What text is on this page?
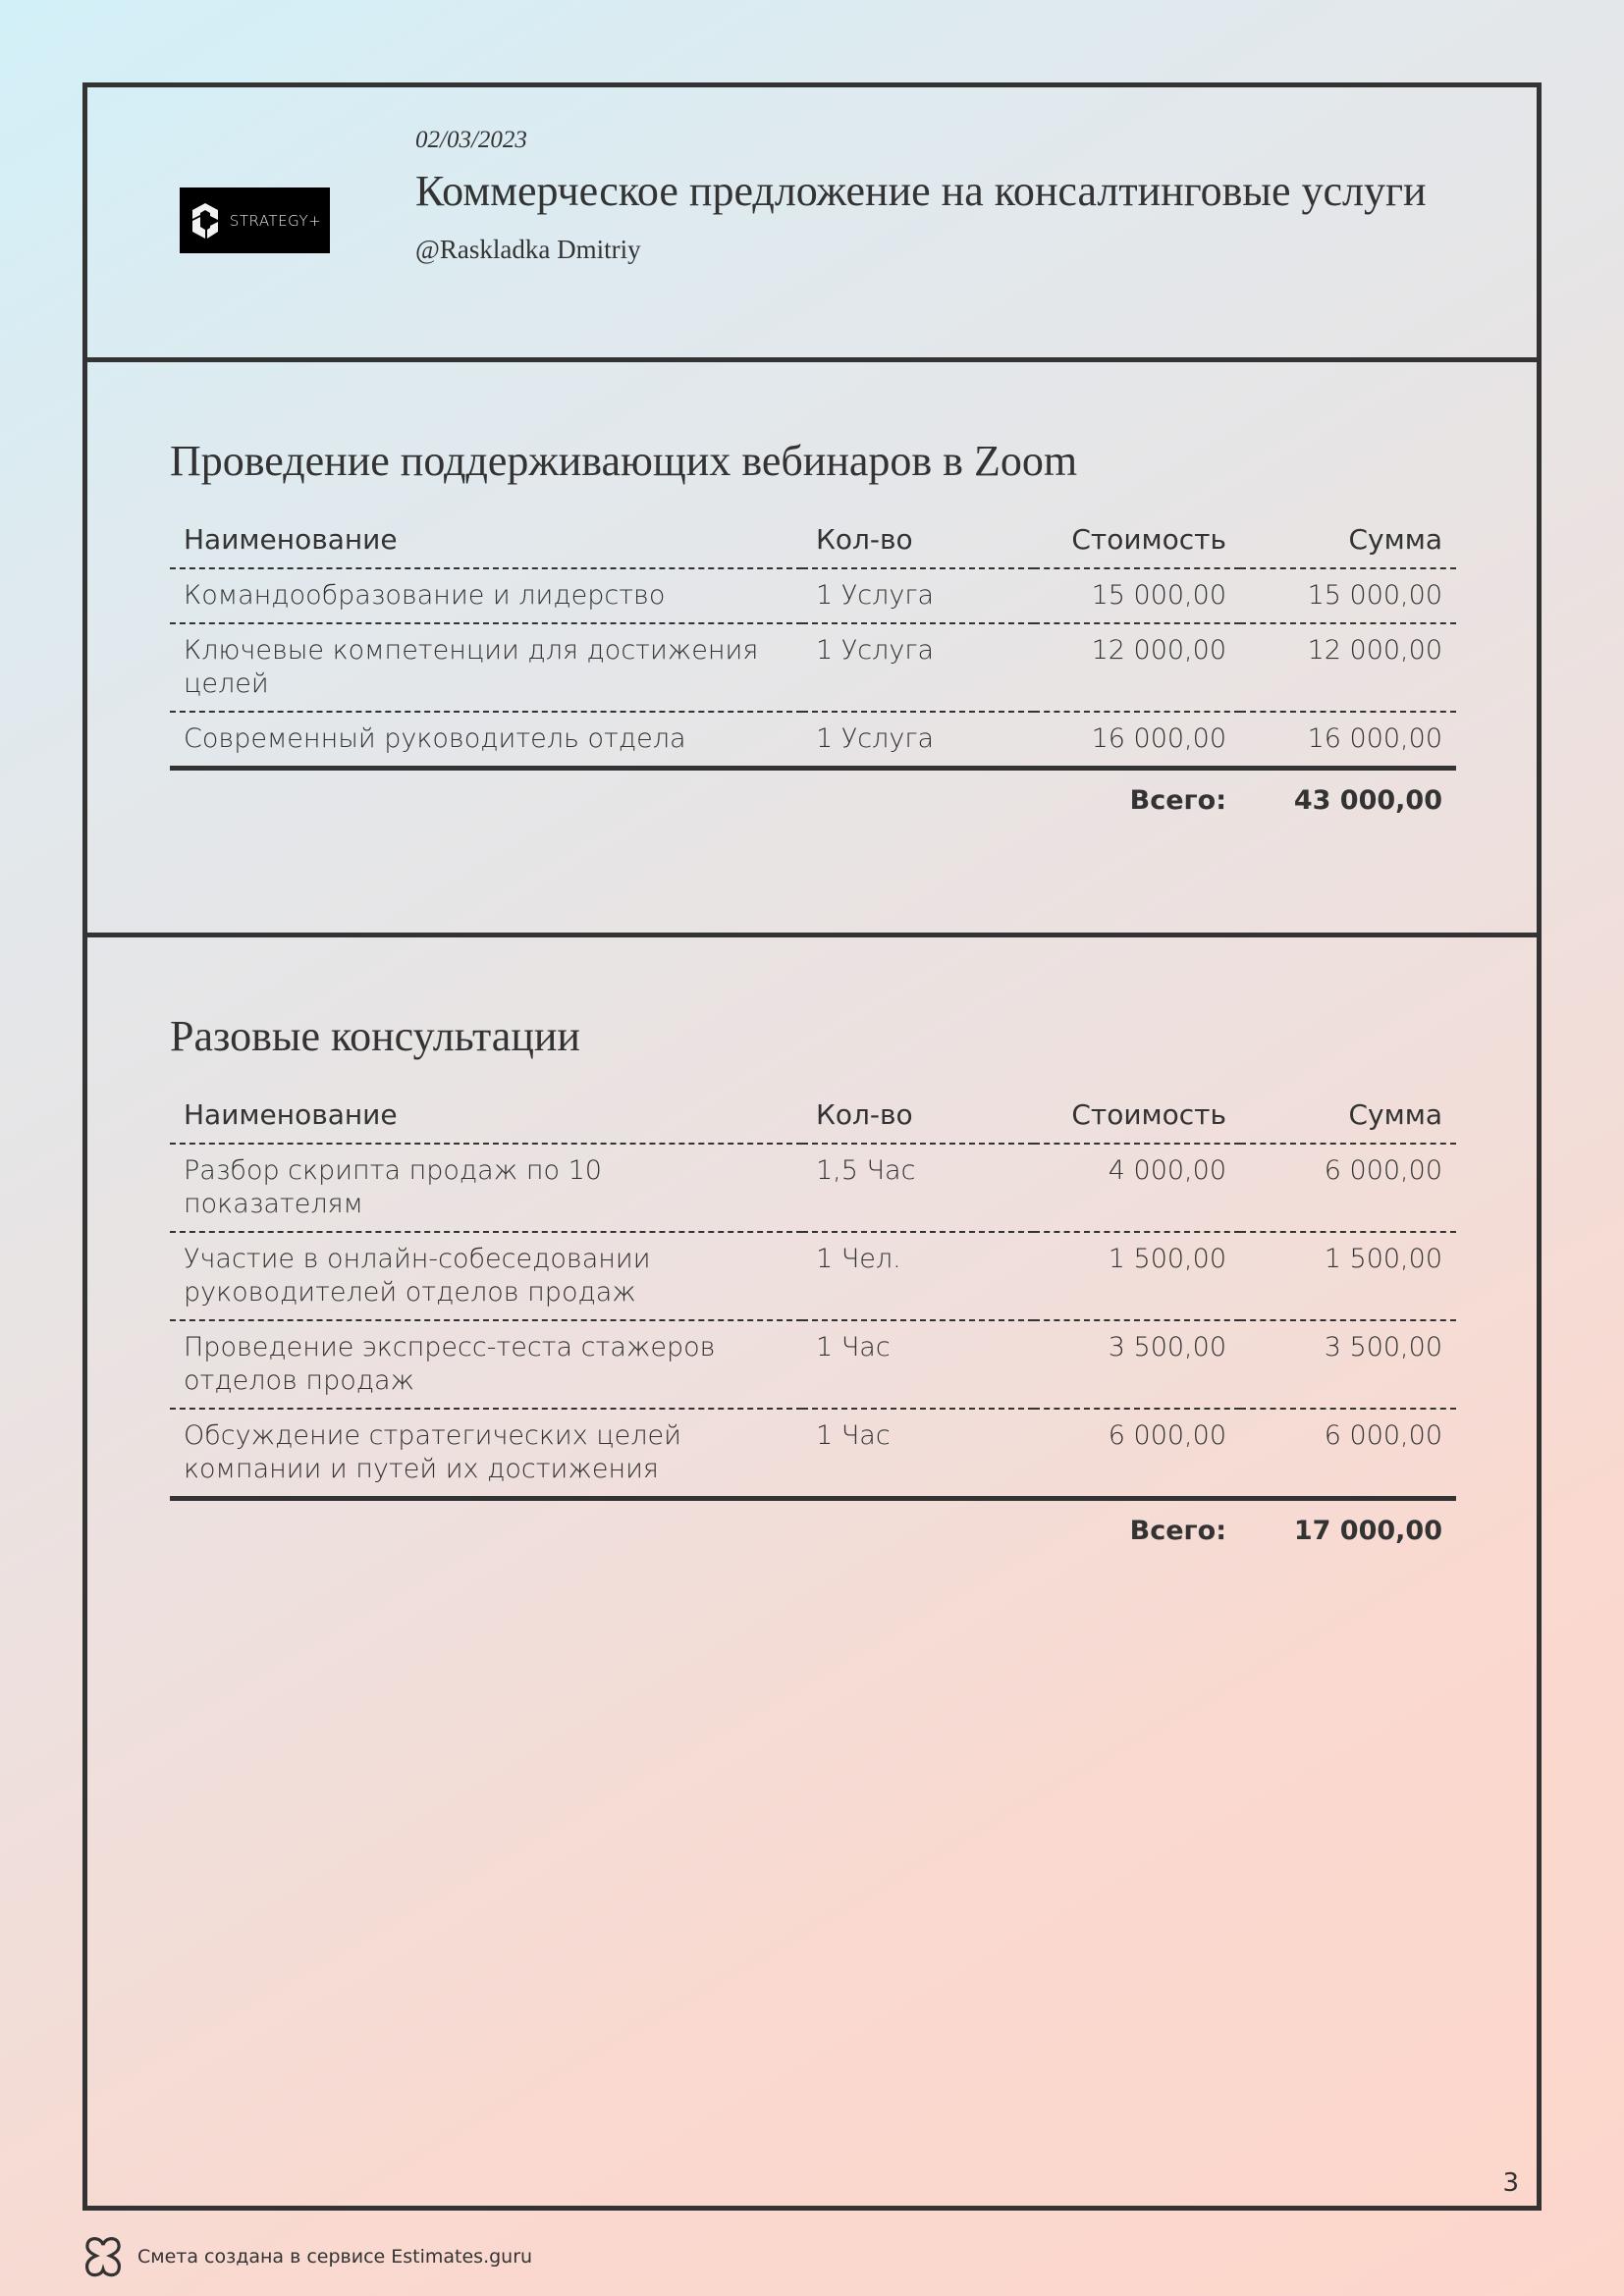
STRATEGY+
02/03/2023
Коммерческое предложение на консалтинговые услуги
@Raskladka Dmitriy
Проведение поддерживающих вебинаров в Zoom
Наименование	Кол-во	Стоимость	Сумма
Командообразование и лидерство	1 Услуга	15 000,00	15 000,00
Ключевые компетенции для достижения целей	1 Услуга	12 000,00	12 000,00
Современный руководитель отдела	1 Услуга	16 000,00	16 000,00
		Всего:	43 000,00
Разовые консультации
Наименование	Кол-во	Стоимость	Сумма
Разбор скрипта продаж по 10 показателям	1,5 Час	4 000,00	6 000,00
Участие в онлайн-собеседовании руководителей отделов продаж	1 Чел.	1 500,00	1 500,00
Проведение экспресс-теста стажеров отделов продаж	1 Час	3 500,00	3 500,00
Обсуждение стратегических целей компании и путей их достижения	1 Час	6 000,00	6 000,00
		Всего:	17 000,00
3
Смета создана в сервисе Estimates.guru
